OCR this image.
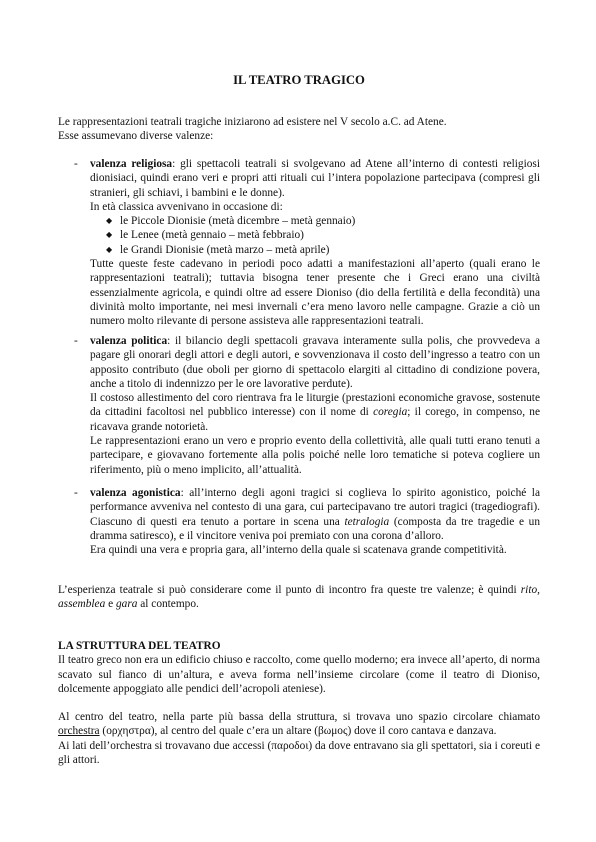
IL TEATRO TRAGICO

Le rappresentazioni teatrali tragiche iniziarono ad esistere nel V secolo a.C. ad Atene.

Esse assumevano diverse valenze:

- valenza religiosa: gli spettacoli teatrali si svolgevano ad Atene all’interno di contesti religiosi dionisiaci, quindi erano veri e propri atti rituali cui l’intera popolazione partecipava (compresi gli stranieri, gli schiavi, i bambini e le donne).

In età classica avvenivano in occasione di:

◆ le Piccole Dionisie (metà dicembre – metà gennaio)
◆ le Lenee (metà gennaio – metà febbraio)
◆ le Grandi Dionisie (metà marzo – metà aprile)

Tutte queste feste cadevano in periodi poco adatti a manifestazioni all’aperto (quali erano le rappresentazioni teatrali); tuttavia bisogna tener presente che i Greci erano una civiltà essenzialmente agricola, e quindi oltre ad essere Dioniso (dio della fertilità e della fecondità) una divinità molto importante, nei mesi invernali c’era meno lavoro nelle campagne. Grazie a ciò un numero molto rilevante di persone assisteva alle rappresentazioni teatrali.

- valenza politica: il bilancio degli spettacoli gravava interamente sulla polis, che provvedeva a pagare gli onorari degli attori e degli autori, e sovvenzionava il costo dell’ingresso a teatro con un apposito contributo (due oboli per giorno di spettacolo elargiti al cittadino di condizione povera, anche a titolo di indennizzo per le ore lavorative perdute).

Il costoso allestimento del coro rientrava fra le liturgie (prestazioni economiche gravose, sostenute da cittadini facoltosi nel pubblico interesse) con il nome di coregia; il corego, in compenso, ne ricavava grande notorietà.

Le rappresentazioni erano un vero e proprio evento della collettività, alle quali tutti erano tenuti a partecipare, e giovavano fortemente alla polis poiché nelle loro tematiche si poteva cogliere un riferimento, più o meno implicito, all’attualità.

- valenza agonistica: all’interno degli agoni tragici si coglieva lo spirito agonistico, poiché la performance avveniva nel contesto di una gara, cui partecipavano tre autori tragici (tragediografi). Ciascuno di questi era tenuto a portare in scena una tetralogia (composta da tre tragedie e un dramma satiresco), e il vincitore veniva poi premiato con una corona d’alloro.

Era quindi una vera e propria gara, all’interno della quale si scatenava grande competitività.

L’esperienza teatrale si può considerare come il punto di incontro fra queste tre valenze; è quindi rito, assemblea e gara al contempo.

LA STRUTTURA DEL TEATRO

Il teatro greco non era un edificio chiuso e raccolto, come quello moderno; era invece all’aperto, di norma scavato sul fianco di un’altura, e aveva forma nell’insieme circolare (come il teatro di Dioniso, dolcemente appoggiato alle pendici dell’acropoli ateniese).

Al centro del teatro, nella parte più bassa della struttura, si trovava uno spazio circolare chiamato orchestra (ορχηστρα), al centro del quale c’era un altare (βωμος) dove il coro cantava e danzava.

Ai lati dell’orchestra si trovavano due accessi (παροδοι) da dove entravano sia gli spettatori, sia i coreuti e gli attori.
